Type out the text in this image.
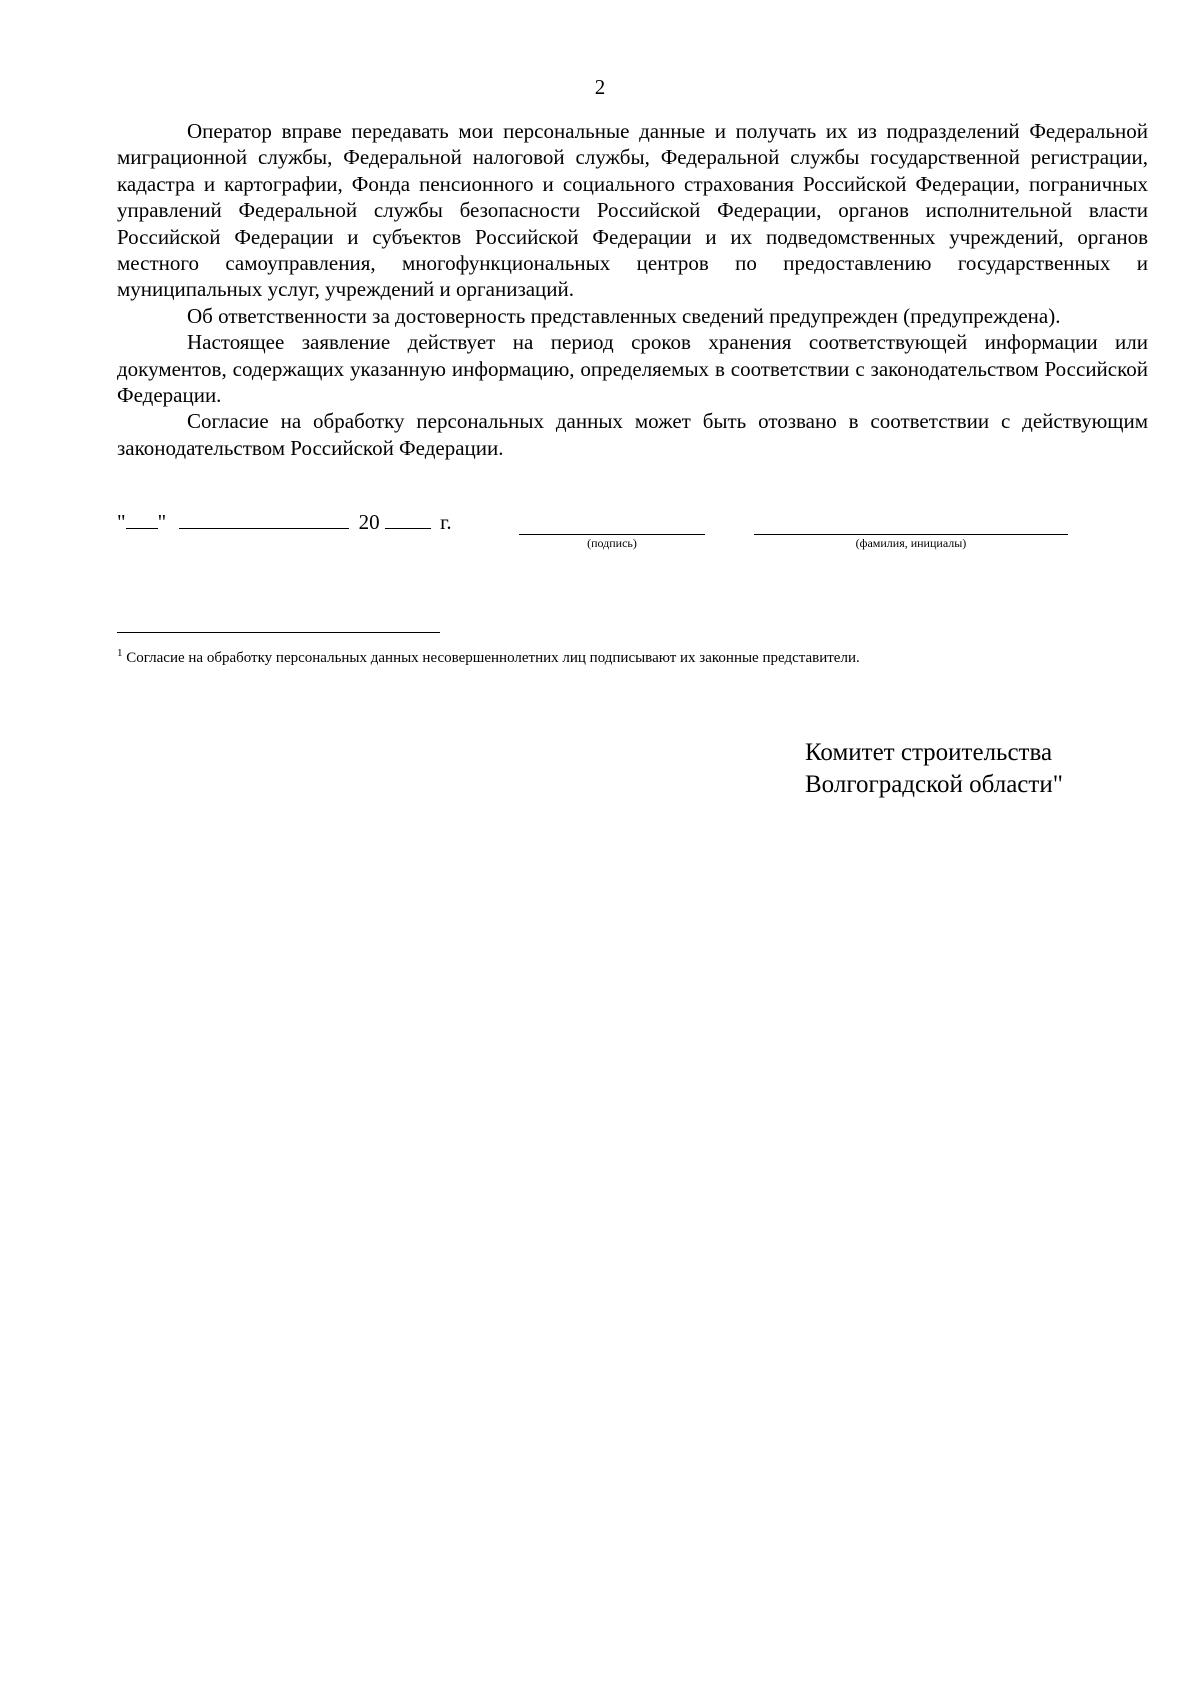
2

Оператор вправе передавать мои персональные данные и получать их из подразделений Федеральной миграционной службы, Федеральной налоговой службы, Федеральной службы государственной регистрации, кадастра и картографии, Фонда пенсионного и социального страхования Российской Федерации, пограничных управлений Федеральной службы безопасности Российской Федерации, органов исполнительной власти Российской Федерации и субъектов Российской Федерации и их подведомственных учреждений, органов местного самоуправления, многофункциональных центров по предоставлению государственных и муниципальных услуг, учреждений и организаций.

Об ответственности за достоверность представленных сведений предупрежден (предупреждена).

Настоящее заявление действует на период сроков хранения соответствующей информации или документов, содержащих указанную информацию, определяемых в соответствии с законодательством Российской Федерации.

Согласие на обработку персональных данных может быть отозвано в соответствии с действующим законодательством Российской Федерации.

" "	20	г.
(подпись)	(фамилия, инициалы)
$^1$ Согласие на обработку персональных данных несовершеннолетних лиц подписывают их законные представители.
Комитет строительства
Волгоградской области"
